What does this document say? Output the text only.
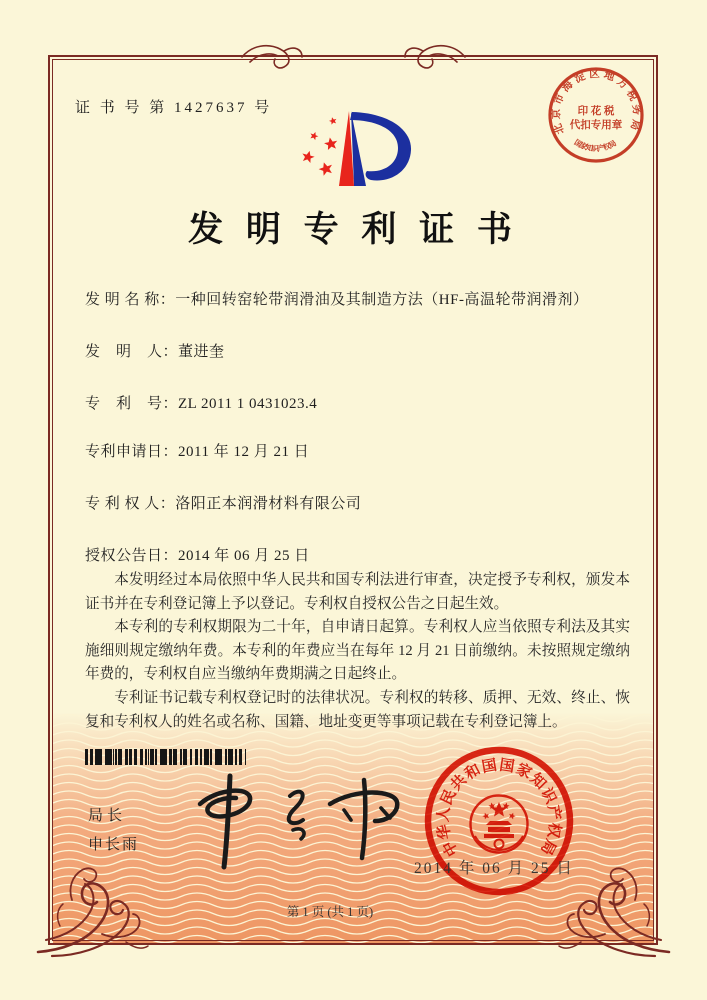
证 书 号 第 1427637 号
北京市海淀区地方税务局
印 花 税
代扣专用章
国家知识产权局
发 明 专 利 证 书
发 明 名 称：一种回转窑轮带润滑油及其制造方法（HF-高温轮带润滑剂）
发　明　人：董进奎
专　利　号：ZL 2011 1 0431023.4
专利申请日：2011 年 12 月 21 日
专 利 权 人：洛阳正本润滑材料有限公司
授权公告日：2014 年 06 月 25 日

本发明经过本局依照中华人民共和国专利法进行审查，决定授予专利权，颁发本证书并在专利登记簿上予以登记。专利权自授权公告之日起生效。

本专利的专利权期限为二十年，自申请日起算。专利权人应当依照专利法及其实施细则规定缴纳年费。本专利的年费应当在每年 12 月 21 日前缴纳。未按照规定缴纳年费的，专利权自应当缴纳年费期满之日起终止。

专利证书记载专利权登记时的法律状况。专利权的转移、质押、无效、终止、恢复和专利权人的姓名或名称、国籍、地址变更等事项记载在专利登记簿上。

局长
申长雨	中华人民共和国国家知识产权局
2014 年 06 月 25 日
第 1 页 (共 1 页)
